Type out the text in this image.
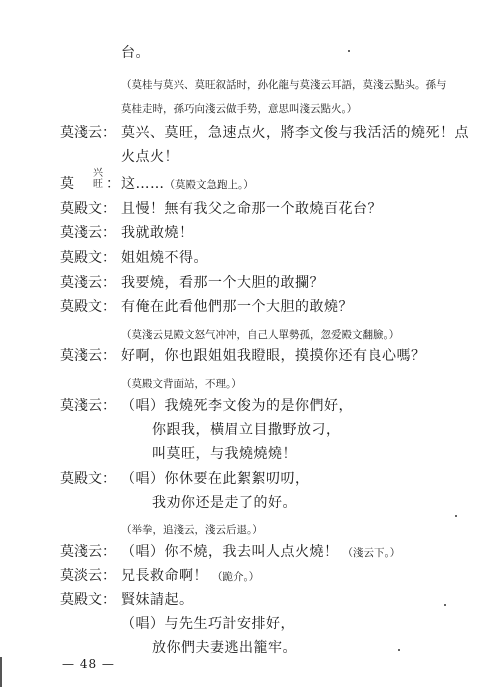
台。
（莫桂与莫兴、莫旺叙話时，孙化龍与莫淺云耳語，莫淺云點头。孫与
莫桂走時，孫巧向淺云做手势，意思叫淺云點火。）
莫淺云： 莫兴、莫旺，急速点火，將李文俊与我活活的燒死！点
火点火！
莫
兴
旺 ： 这……（莫殿文急跑上。）
莫殿文： 且慢！無有我父之命那一个敢燒百花台？
莫淺云： 我就敢燒！
莫殿文： 姐姐燒不得。
莫淺云： 我要燒，看那一个大胆的敢攔？
莫殿文： 有俺在此看他們那一个大胆的敢燒？
（莫淺云見殿文怒气冲冲，自己人單勢孤，忽爱殿文翻臉。）
莫淺云： 好啊，你也跟姐姐我瞪眼，摸摸你还有良心嗎？
（莫殿文背面站，不理。）
莫淺云： （唱）我燒死李文俊为的是你們好，
你跟我，橫眉立目撒野放刁，
叫莫旺，与我燒燒燒！
莫殿文： （唱）你休要在此絮絮叨叨，
我劝你还是走了的好。
（举拳，追淺云，淺云后退。）
莫淺云： （唱）你不燒，我去叫人点火燒！ （淺云下。）
莫淡云： 兄長救命啊！ （跪介。）
莫殿文： 賢妹請起。
（唱）与先生巧計安排好，
放你們夫妻逃出籠牢。
— 48 —
